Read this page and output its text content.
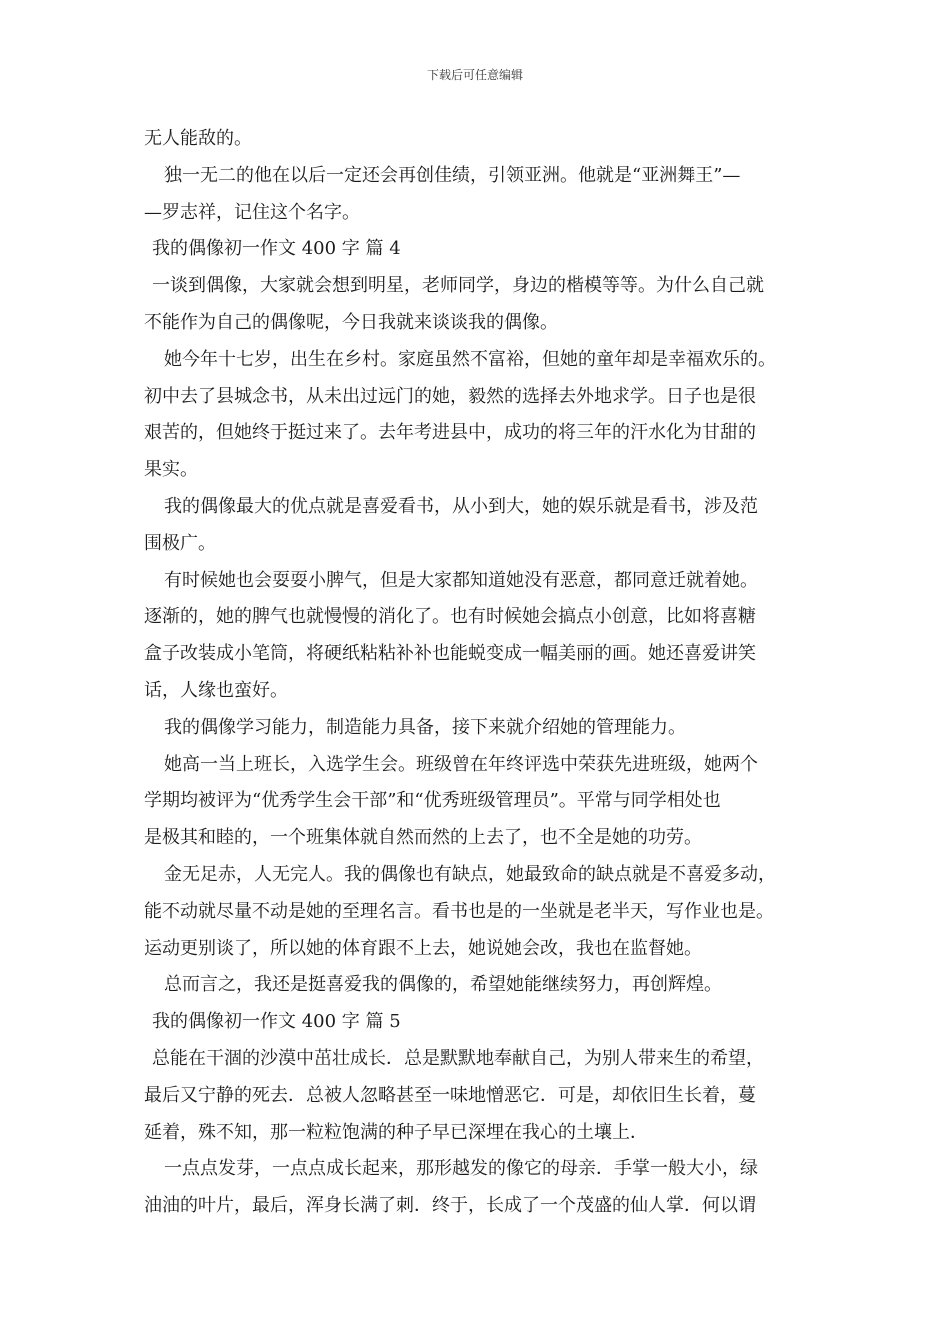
下载后可任意编辑
无人能敌的。
独一无二的他在以后一定还会再创佳绩，引领亚洲。他就是“亚洲舞王”—
—罗志祥，记住这个名字。
我的偶像初一作文 400 字 篇 4
一谈到偶像，大家就会想到明星，老师同学，身边的楷模等等。为什么自己就
不能作为自己的偶像呢，今日我就来谈谈我的偶像。
她今年十七岁，出生在乡村。家庭虽然不富裕，但她的童年却是幸福欢乐的。
初中去了县城念书，从未出过远门的她，毅然的选择去外地求学。日子也是很
艰苦的，但她终于挺过来了。去年考进县中，成功的将三年的汗水化为甘甜的
果实。
我的偶像最大的优点就是喜爱看书，从小到大，她的娱乐就是看书，涉及范
围极广。
有时候她也会耍耍小脾气，但是大家都知道她没有恶意，都同意迁就着她。
逐渐的，她的脾气也就慢慢的消化了。也有时候她会搞点小创意，比如将喜糖
盒子改装成小笔筒，将硬纸粘粘补补也能蜕变成一幅美丽的画。她还喜爱讲笑
话，人缘也蛮好。
我的偶像学习能力，制造能力具备，接下来就介绍她的管理能力。
她高一当上班长，入选学生会。班级曾在年终评选中荣获先进班级，她两个
学期均被评为“优秀学生会干部”和“优秀班级管理员”。平常与同学相处也
是极其和睦的，一个班集体就自然而然的上去了，也不全是她的功劳。
金无足赤，人无完人。我的偶像也有缺点，她最致命的缺点就是不喜爱多动，
能不动就尽量不动是她的至理名言。看书也是的一坐就是老半天，写作业也是。
运动更别谈了，所以她的体育跟不上去，她说她会改，我也在监督她。
总而言之，我还是挺喜爱我的偶像的，希望她能继续努力，再创辉煌。
我的偶像初一作文 400 字 篇 5
总能在干涸的沙漠中茁壮成长．总是默默地奉献自己，为别人带来生的希望，
最后又宁静的死去．总被人忽略甚至一味地憎恶它．可是，却依旧生长着，蔓
延着，殊不知，那一粒粒饱满的种子早已深埋在我心的土壤上．
一点点发芽，一点点成长起来，那形越发的像它的母亲．手掌一般大小，绿
油油的叶片，最后，浑身长满了刺．终于，长成了一个茂盛的仙人掌．何以谓
